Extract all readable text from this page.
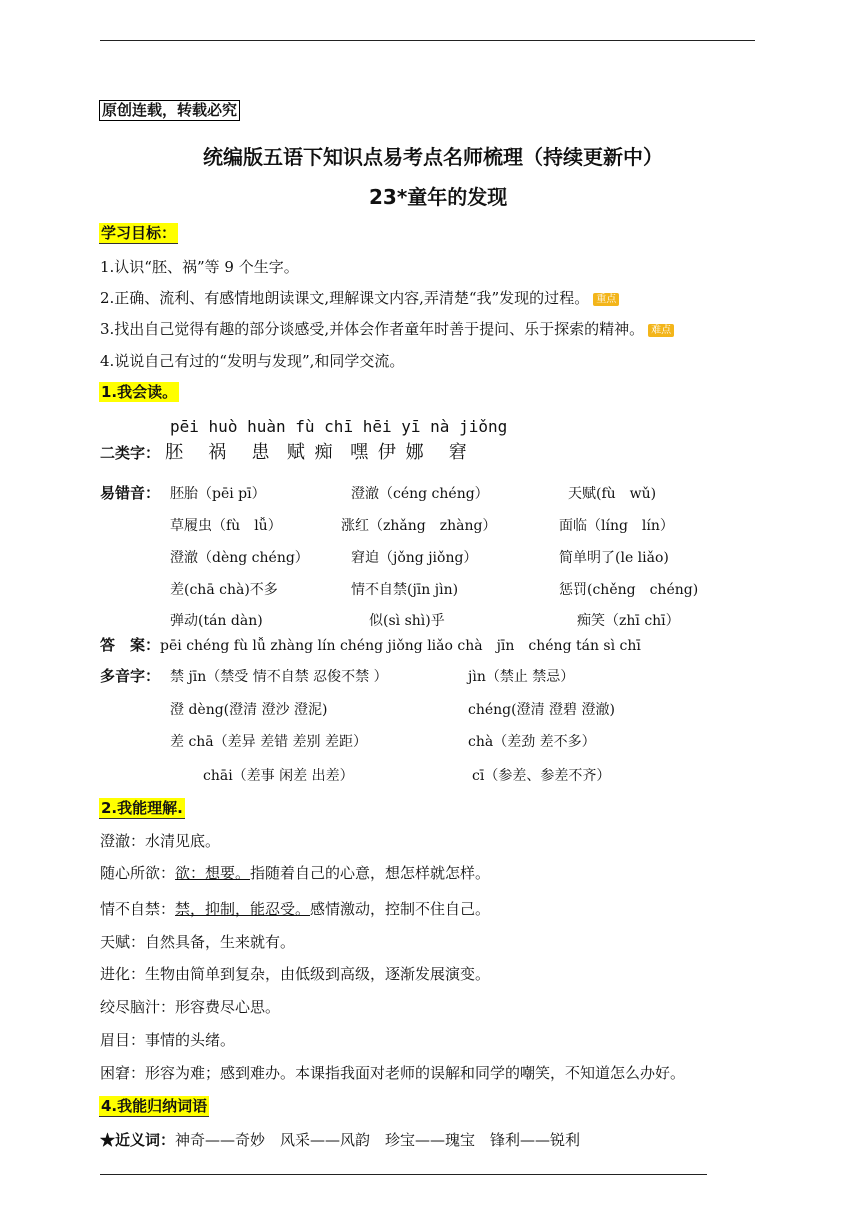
原创连载，转载必究
统编版五语下知识点易考点名师梳理（持续更新中）
23*童年的发现
学习目标：
1.认识“胚、祸”等 9 个生字。
2.正确、流利、有感情地朗读课文,理解课文内容,弄清楚“我”发现的过程。 重点
3.找出自己觉得有趣的部分谈感受,并体会作者童年时善于提问、乐于探索的精神。 难点
4.说说自己有过的“发明与发现”,和同学交流。
1.我会读。
pēi huò huàn fù chī hēi yī nà jiǒng
二类字： 胚 祸 患 赋 痴 嘿 伊 娜 窘
易错音： 胚胎（pēi pī）	澄澈（céng chéng）	天赋(fù　wǔ)
草履虫（fù　lǚ）	涨红（zhǎng　zhàng）	面临（líng　lín）
澄澈（dèng chéng）	窘迫（jǒng jiǒng）	简单明了(le liǎo)
差(chā chà)不多	情不自禁(jīn jìn)	惩罚(chěng　chéng)
弹动(tán dàn)	似(sì shì)乎	痴笑（zhī chī）
答　案：pēi chéng fù lǚ zhàng lín chéng jiǒng liǎo chà　jīn　chéng tán sì chī
多音字： 禁 jīn（禁受 情不自禁 忍俊不禁 ）	jìn（禁止 禁忌）
澄 dèng(澄清 澄沙 澄泥)	chéng(澄清 澄碧 澄澈)
差 chā（差异 差错 差别 差距）	chà（差劲 差不多）
chāi（差事 闲差 出差）	cī（参差、参差不齐）
2.我能理解.
澄澈：水清见底。
随心所欲：欲：想要。指随着自己的心意，想怎样就怎样。
情不自禁：禁，抑制，能忍受。感情激动，控制不住自己。
天赋：自然具备，生来就有。
进化：生物由简单到复杂，由低级到高级，逐渐发展演变。
绞尽脑汁：形容费尽心思。
眉目：事情的头绪。
困窘：形容为难；感到难办。本课指我面对老师的误解和同学的嘲笑，不知道怎么办好。
4.我能归纳词语
★近义词：神奇——奇妙　风采——风韵　珍宝——瑰宝　锋利——锐利
